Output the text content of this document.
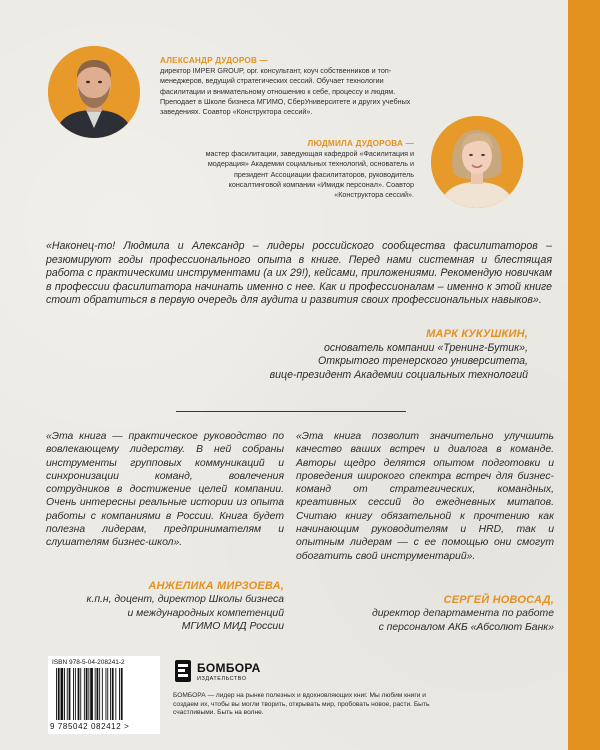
АЛЕКСАНДР ДУДОРОВ —
директор IMPER GROUP, орг. консультант, коуч собственников и топ-менеджеров, ведущий стратегических сессий. Обучает технологии фасилитации и внимательному отношению к себе, процессу и людям. Преподает в Школе бизнеса МГИМО, СберУниверситете и других учебных заведениях. Соавтор «Конструктора сессий».
ЛЮДМИЛА ДУДОРОВА —
мастер фасилитации, заведующая кафедрой «Фасилитация и модерация» Академии социальных технологий, основатель и президент Ассоциации фасилитаторов, руководитель консалтинговой компании «Имидж персонал». Соавтор «Конструктора сессий».
«Наконец-то! Людмила и Александр – лидеры российского сообщества фасилитаторов – резюмируют годы профессионального опыта в книге. Перед нами системная и блестящая работа с практическими инструментами (а их 29!), кейсами, приложениями. Рекомендую новичкам в профессии фасилитатора начинать именно с нее. Как и профессионалам – именно к этой книге стоит обратиться в первую очередь для аудита и развития своих профессиональных навыков».
МАРК КУКУШКИН,
основатель компании «Тренинг-Бутик»,
Открытого тренерского университета,
вице-президент Академии социальных технологий
«Эта книга — практическое руководство по вовлекающему лидерству. В ней собраны инструменты групповых коммуникаций и синхронизации команд, вовлечения сотрудников в достижение целей компании. Очень интересны реальные истории из опыта работы с компаниями в России. Книга будет полезна лидерам, предпринимателям и слушателям бизнес-школ».
АНЖЕЛИКА МИРЗОЕВА,
к.п.н, доцент, директор Школы бизнеса
и международных компетенций
МГИМО МИД России
«Эта книга позволит значительно улучшить качество ваших встреч и диалога в команде. Авторы щедро делятся опытом подготовки и проведения широкого спектра встреч для бизнес-команд от стратегических, командных, креативных сессий до ежедневных митапов. Считаю книгу обязательной к прочтению как начинающим руководителям и HRD, так и опытным лидерам — с ее помощью они смогут обогатить свой инструментарий».
СЕРГЕЙ НОВОСАД,
директор департамента по работе
с персоналом АКБ «Абсолют Банк»
ISBN 978-5-04-208241-2
9 785042 082412 >
БОМБОРА
ИЗДАТЕЛЬСТВО
БОМБОРА — лидер на рынке полезных и вдохновляющих книг. Мы любим книги и создаем их, чтобы вы могли творить, открывать мир, пробовать новое, расти. Быть счастливыми. Быть на волне.
